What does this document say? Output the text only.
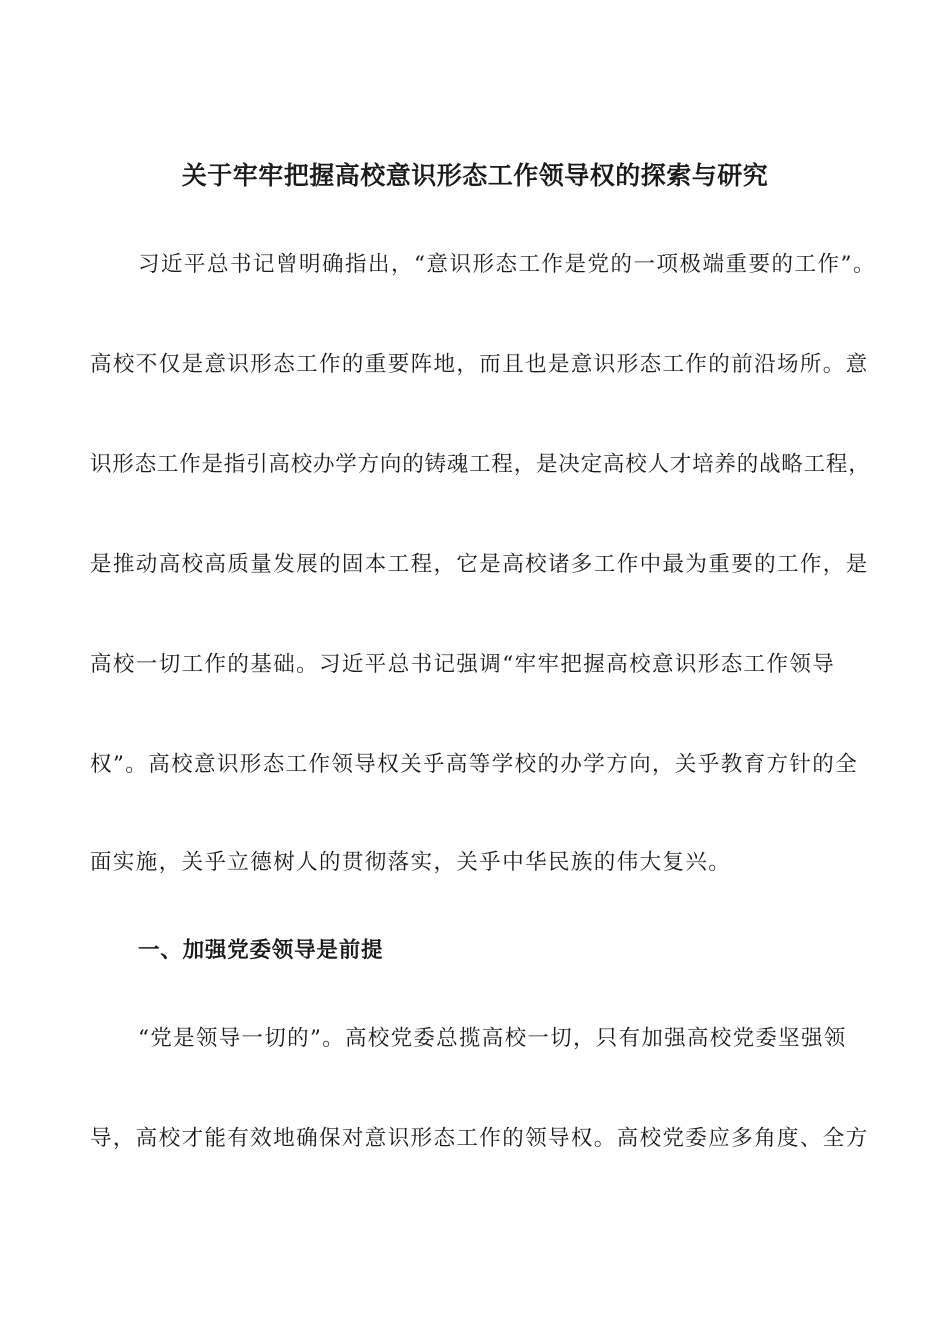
关于牢牢把握高校意识形态工作领导权的探索与研究
习近平总书记曾明确指出，“意识形态工作是党的一项极端重要的工作”。
高校不仅是意识形态工作的重要阵地，而且也是意识形态工作的前沿场所。意
识形态工作是指引高校办学方向的铸魂工程，是决定高校人才培养的战略工程，
是推动高校高质量发展的固本工程，它是高校诸多工作中最为重要的工作，是
高校一切工作的基础。习近平总书记强调“牢牢把握高校意识形态工作领导
权”。高校意识形态工作领导权关乎高等学校的办学方向，关乎教育方针的全
面实施，关乎立德树人的贯彻落实，关乎中华民族的伟大复兴。
一、加强党委领导是前提
“党是领导一切的”。高校党委总揽高校一切，只有加强高校党委坚强领
导，高校才能有效地确保对意识形态工作的领导权。高校党委应多角度、全方
